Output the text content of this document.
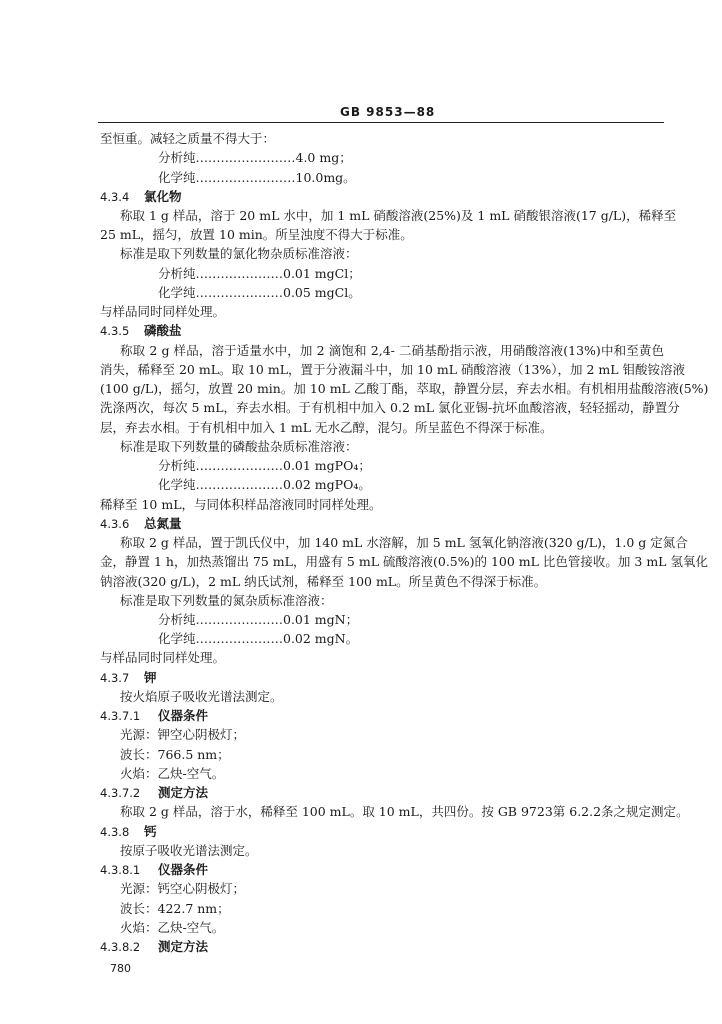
GB 9853—88
至恒重。减轻之质量不得大于：
分析纯……………………4.0 mg；
化学纯……………………10.0mg。
4.3.4 氯化物
称取 1 g 样品，溶于 20 mL 水中，加 1 mL 硝酸溶液(25%)及 1 mL 硝酸银溶液(17 g/L)，稀释至
25 mL，摇匀，放置 10 min。所呈浊度不得大于标准。
标准是取下列数量的氯化物杂质标准溶液：
分析纯…………………0.01 mgCl；
化学纯…………………0.05 mgCl。
与样品同时同样处理。
4.3.5 磷酸盐
称取 2 g 样品，溶于适量水中，加 2 滴饱和 2,4- 二硝基酚指示液，用硝酸溶液(13%)中和至黄色
消失，稀释至 20 mL。取 10 mL，置于分液漏斗中，加 10 mL 硝酸溶液（13%），加 2 mL 钼酸铵溶液
(100 g/L)，摇匀，放置 20 min。加 10 mL 乙酸丁酯，萃取，静置分层，弃去水相。有机相用盐酸溶液(5%)
洗涤两次，每次 5 mL，弃去水相。于有机相中加入 0.2 mL 氯化亚锡-抗坏血酸溶液，轻轻摇动，静置分
层，弃去水相。于有机相中加入 1 mL 无水乙醇，混匀。所呈蓝色不得深于标准。
标准是取下列数量的磷酸盐杂质标准溶液：
分析纯…………………0.01 mgPO₄；
化学纯…………………0.02 mgPO₄。
稀释至 10 mL，与同体积样品溶液同时同样处理。
4.3.6 总氮量
称取 2 g 样品，置于凯氏仪中，加 140 mL 水溶解，加 5 mL 氢氧化钠溶液(320 g/L)，1.0 g 定氮合
金，静置 1 h，加热蒸馏出 75 mL，用盛有 5 mL 硫酸溶液(0.5%)的 100 mL 比色管接收。加 3 mL 氢氧化
钠溶液(320 g/L)，2 mL 纳氏试剂，稀释至 100 mL。所呈黄色不得深于标准。
标准是取下列数量的氮杂质标准溶液：
分析纯…………………0.01 mgN；
化学纯…………………0.02 mgN。
与样品同时同样处理。
4.3.7 钾
按火焰原子吸收光谱法测定。
4.3.7.1 仪器条件
光源：钾空心阴极灯；
波长：766.5 nm；
火焰：乙炔-空气。
4.3.7.2 测定方法
称取 2 g 样品，溶于水，稀释至 100 mL。取 10 mL，共四份。按 GB 9723第 6.2.2条之规定测定。
4.3.8 钙
按原子吸收光谱法测定。
4.3.8.1 仪器条件
光源：钙空心阴极灯；
波长：422.7 nm；
火焰：乙炔-空气。
4.3.8.2 测定方法
780
